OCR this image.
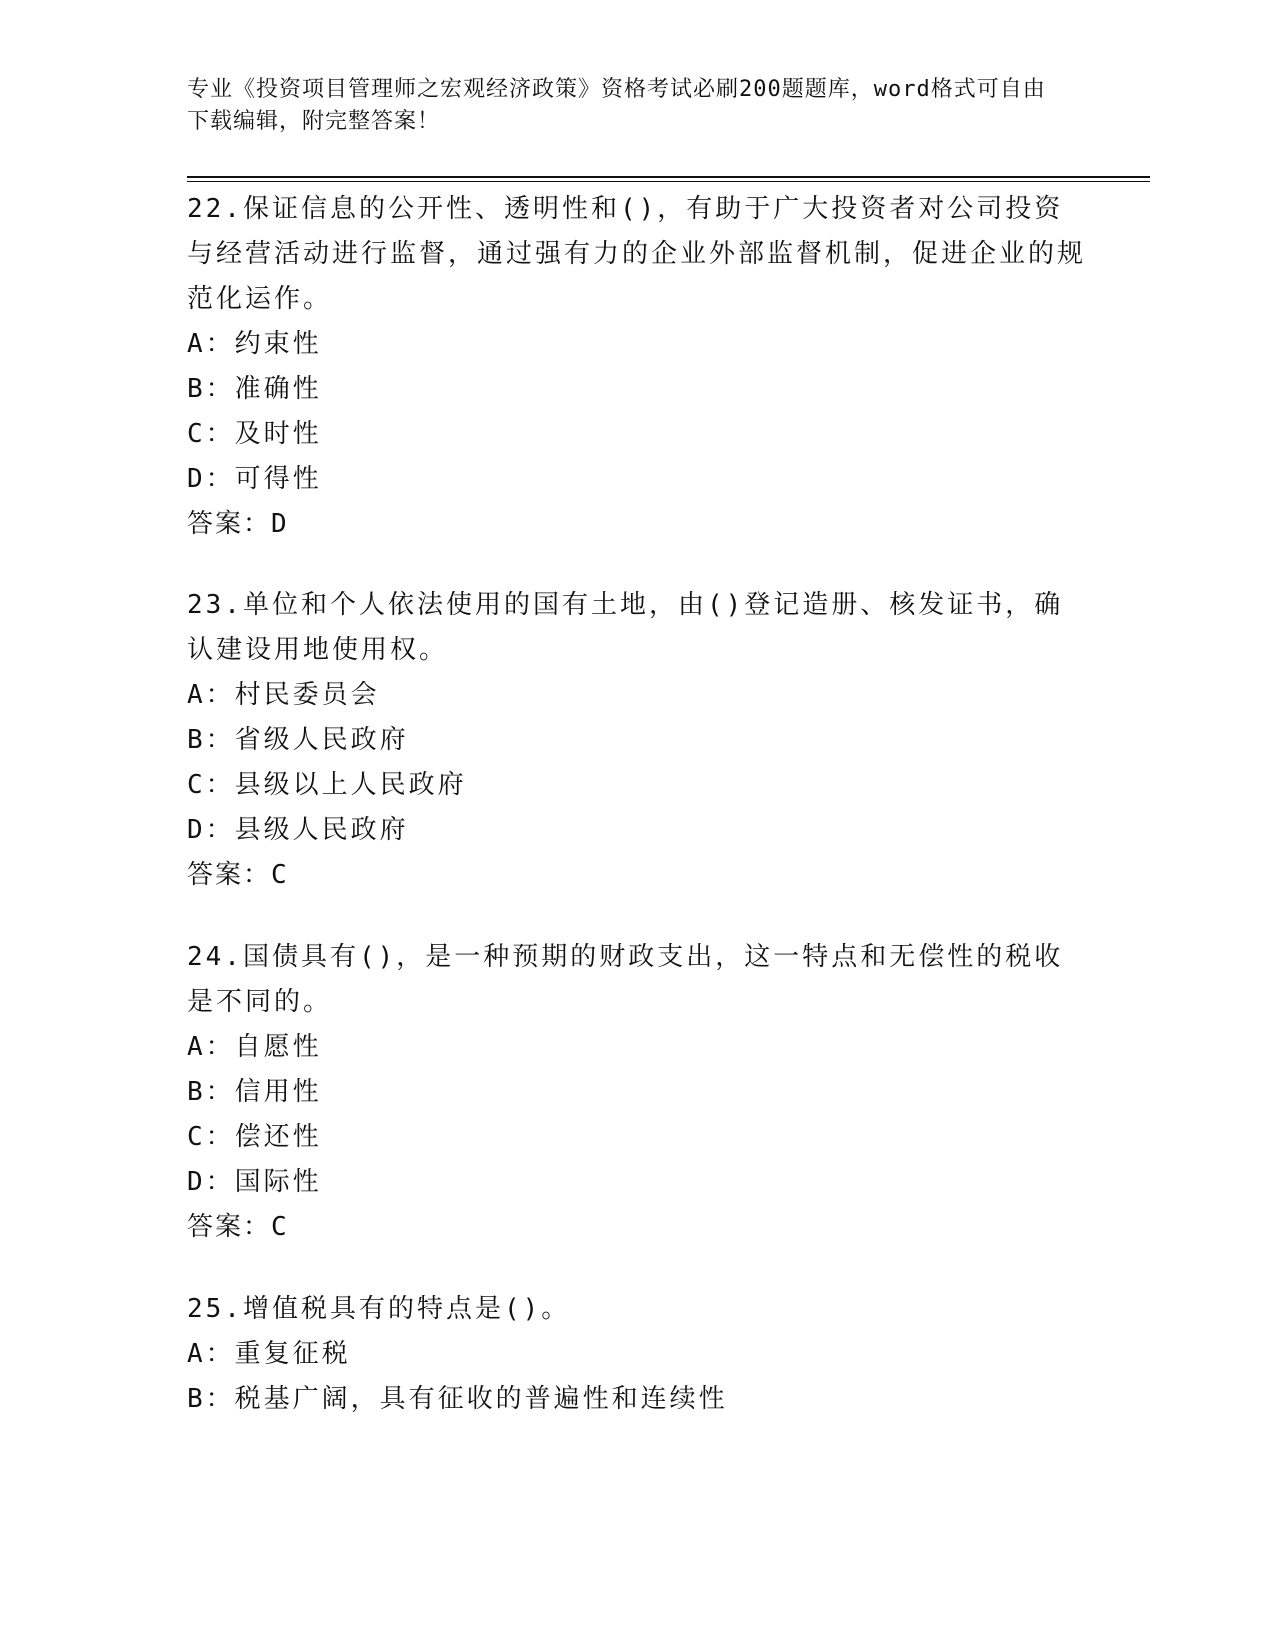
专业《投资项目管理师之宏观经济政策》资格考试必刷200题题库，word格式可自由下载编辑，附完整答案！
22.保证信息的公开性、透明性和()，有助于广大投资者对公司投资与经营活动进行监督，通过强有力的企业外部监督机制，促进企业的规范化运作。
A：约束性
B：准确性
C：及时性
D：可得性
答案：D
23.单位和个人依法使用的国有土地，由()登记造册、核发证书，确认建设用地使用权。
A：村民委员会
B：省级人民政府
C：县级以上人民政府
D：县级人民政府
答案：C
24.国债具有()，是一种预期的财政支出，这一特点和无偿性的税收是不同的。
A：自愿性
B：信用性
C：偿还性
D：国际性
答案：C
25.增值税具有的特点是()。
A：重复征税
B：税基广阔，具有征收的普遍性和连续性
